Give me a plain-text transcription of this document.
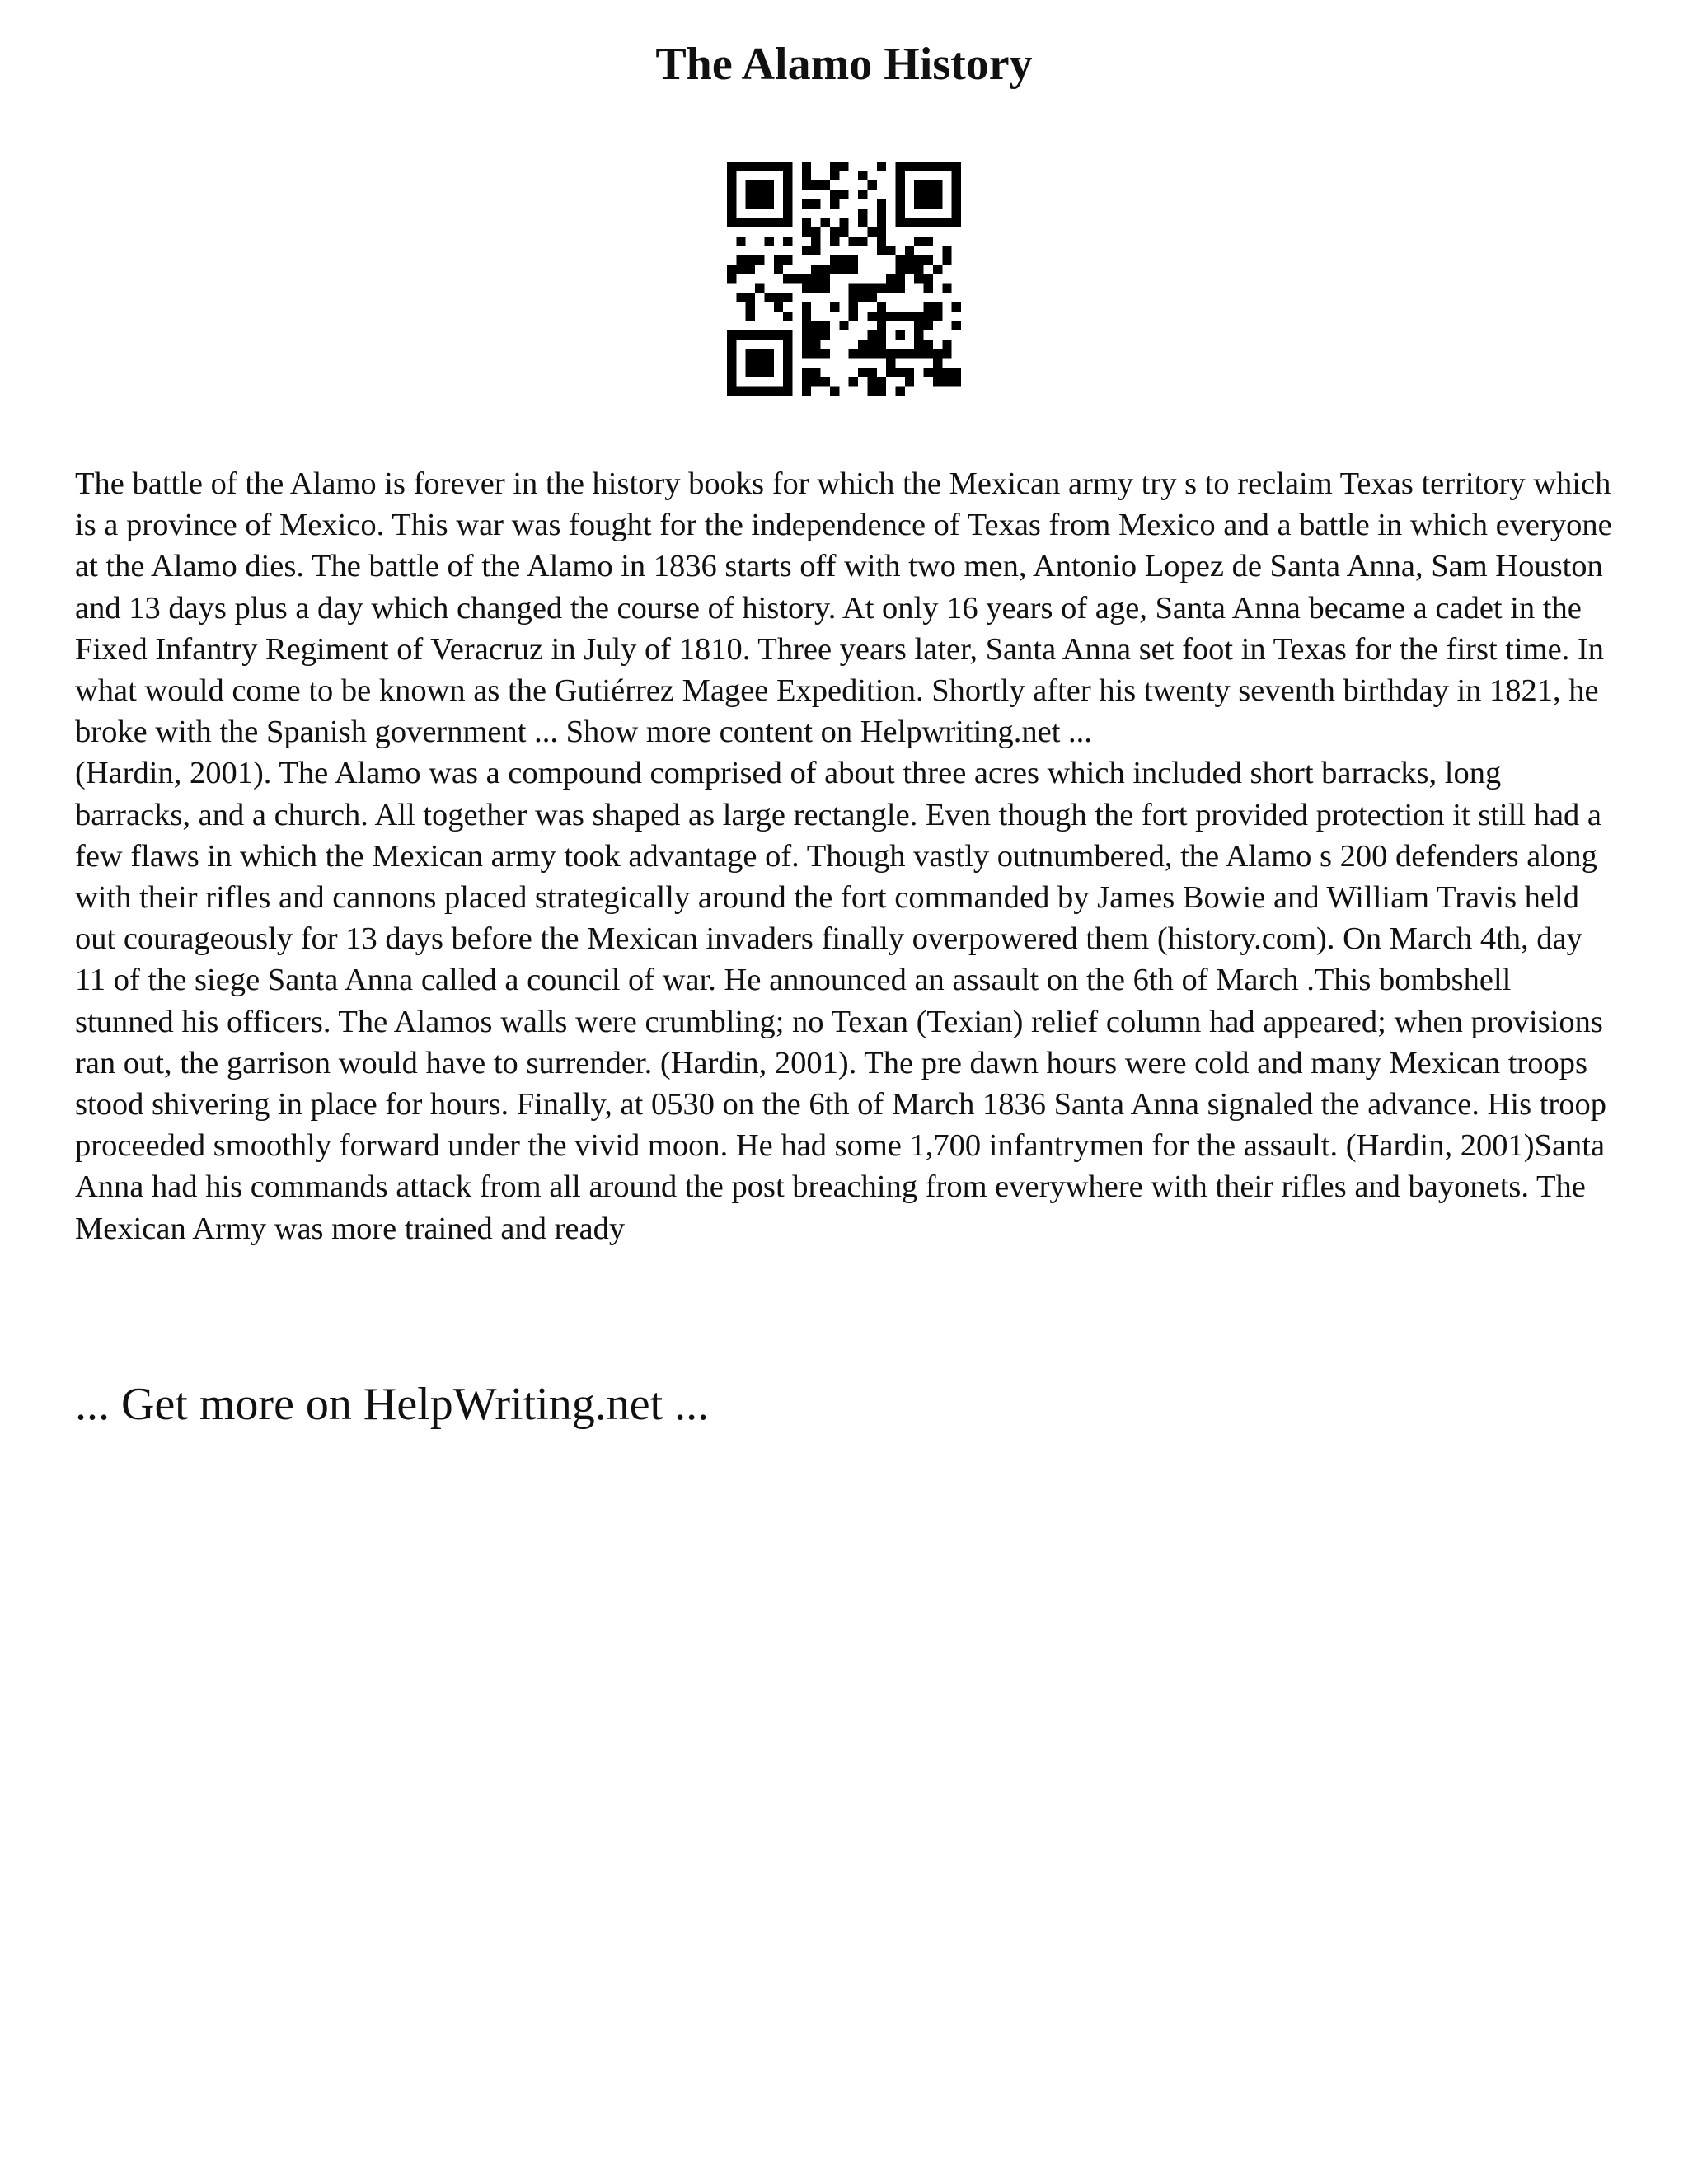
The Alamo History

The battle of the Alamo is forever in the history books for which the Mexican army try s to reclaim Texas territory which is a province of Mexico. This war was fought for the independence of Texas from Mexico and a battle in which everyone at the Alamo dies. The battle of the Alamo in 1836 starts off with two men, Antonio Lopez de Santa Anna, Sam Houston and 13 days plus a day which changed the course of history. At only 16 years of age, Santa Anna became a cadet in the Fixed Infantry Regiment of Veracruz in July of 1810. Three years later, Santa Anna set foot in Texas for the first time. In what would come to be known as the Gutiérrez Magee Expedition. Shortly after his twenty seventh birthday in 1821, he broke with the Spanish government ... Show more content on Helpwriting.net ...

(Hardin, 2001). The Alamo was a compound comprised of about three acres which included short barracks, long barracks, and a church. All together was shaped as large rectangle. Even though the fort provided protection it still had a few flaws in which the Mexican army took advantage of. Though vastly outnumbered, the Alamo s 200 defenders along with their rifles and cannons placed strategically around the fort commanded by James Bowie and William Travis held out courageously for 13 days before the Mexican invaders finally overpowered them (history.com). On March 4th, day 11 of the siege Santa Anna called a council of war. He announced an assault on the 6th of March .This bombshell stunned his officers. The Alamos walls were crumbling; no Texan (Texian) relief column had appeared; when provisions ran out, the garrison would have to surrender. (Hardin, 2001). The pre dawn hours were cold and many Mexican troops stood shivering in place for hours. Finally, at 0530 on the 6th of March 1836 Santa Anna signaled the advance. His troop proceeded smoothly forward under the vivid moon. He had some 1,700 infantrymen for the assault. (Hardin, 2001)Santa Anna had his commands attack from all around the post breaching from everywhere with their rifles and bayonets. The Mexican Army was more trained and ready

... Get more on HelpWriting.net ...
